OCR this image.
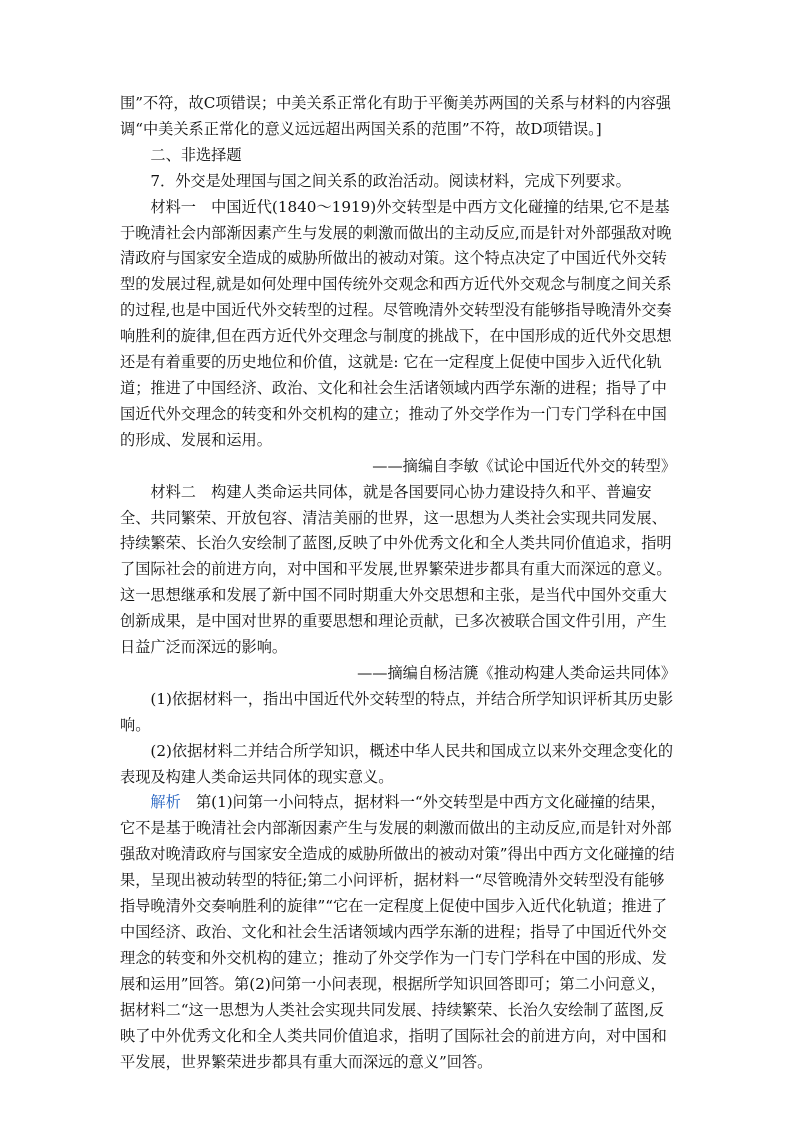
围”不符，故C项错误；中美关系正常化有助于平衡美苏两国的关系与材料的内容强调“中美关系正常化的意义远远超出两国关系的范围”不符，故D项错误。]

二、非选择题

7．外交是处理国与国之间关系的政治活动。阅读材料，完成下列要求。

材料一　中国近代(1840～1919)外交转型是中西方文化碰撞的结果,它不是基于晚清社会内部渐因素产生与发展的刺激而做出的主动反应,而是针对外部强敌对晚清政府与国家安全造成的威胁所做出的被动对策。这个特点决定了中国近代外交转型的发展过程,就是如何处理中国传统外交观念和西方近代外交观念与制度之间关系的过程,也是中国近代外交转型的过程。尽管晚清外交转型没有能够指导晚清外交奏响胜利的旋律,但在西方近代外交理念与制度的挑战下，在中国形成的近代外交思想还是有着重要的历史地位和价值，这就是: 它在一定程度上促使中国步入近代化轨道；推进了中国经济、政治、文化和社会生活诸领域内西学东渐的进程；指导了中国近代外交理念的转变和外交机构的建立；推动了外交学作为一门专门学科在中国的形成、发展和运用。

——摘编自李敏《试论中国近代外交的转型》

材料二　构建人类命运共同体，就是各国要同心协力建设持久和平、普遍安全、共同繁荣、开放包容、清洁美丽的世界，这一思想为人类社会实现共同发展、持续繁荣、长治久安绘制了蓝图,反映了中外优秀文化和全人类共同价值追求，指明了国际社会的前进方向，对中国和平发展,世界繁荣进步都具有重大而深远的意义。这一思想继承和发展了新中国不同时期重大外交思想和主张，是当代中国外交重大创新成果，是中国对世界的重要思想和理论贡献，已多次被联合国文件引用，产生日益广泛而深远的影响。

——摘编自杨洁篪《推动构建人类命运共同体》

(1)依据材料一，指出中国近代外交转型的特点，并结合所学知识评析其历史影响。

(2)依据材料二并结合所学知识，概述中华人民共和国成立以来外交理念变化的表现及构建人类命运共同体的现实意义。

解析　第(1)问第一小问特点，据材料一“外交转型是中西方文化碰撞的结果，它不是基于晚清社会内部渐因素产生与发展的刺激而做出的主动反应,而是针对外部强敌对晚清政府与国家安全造成的威胁所做出的被动对策”得出中西方文化碰撞的结果，呈现出被动转型的特征;第二小问评析，据材料一“尽管晚清外交转型没有能够指导晚清外交奏响胜利的旋律”“它在一定程度上促使中国步入近代化轨道；推进了中国经济、政治、文化和社会生活诸领域内西学东渐的进程；指导了中国近代外交理念的转变和外交机构的建立；推动了外交学作为一门专门学科在中国的形成、发展和运用”回答。第(2)问第一小问表现，根据所学知识回答即可；第二小问意义，据材料二“这一思想为人类社会实现共同发展、持续繁荣、长治久安绘制了蓝图,反映了中外优秀文化和全人类共同价值追求，指明了国际社会的前进方向，对中国和平发展，世界繁荣进步都具有重大而深远的意义”回答。
